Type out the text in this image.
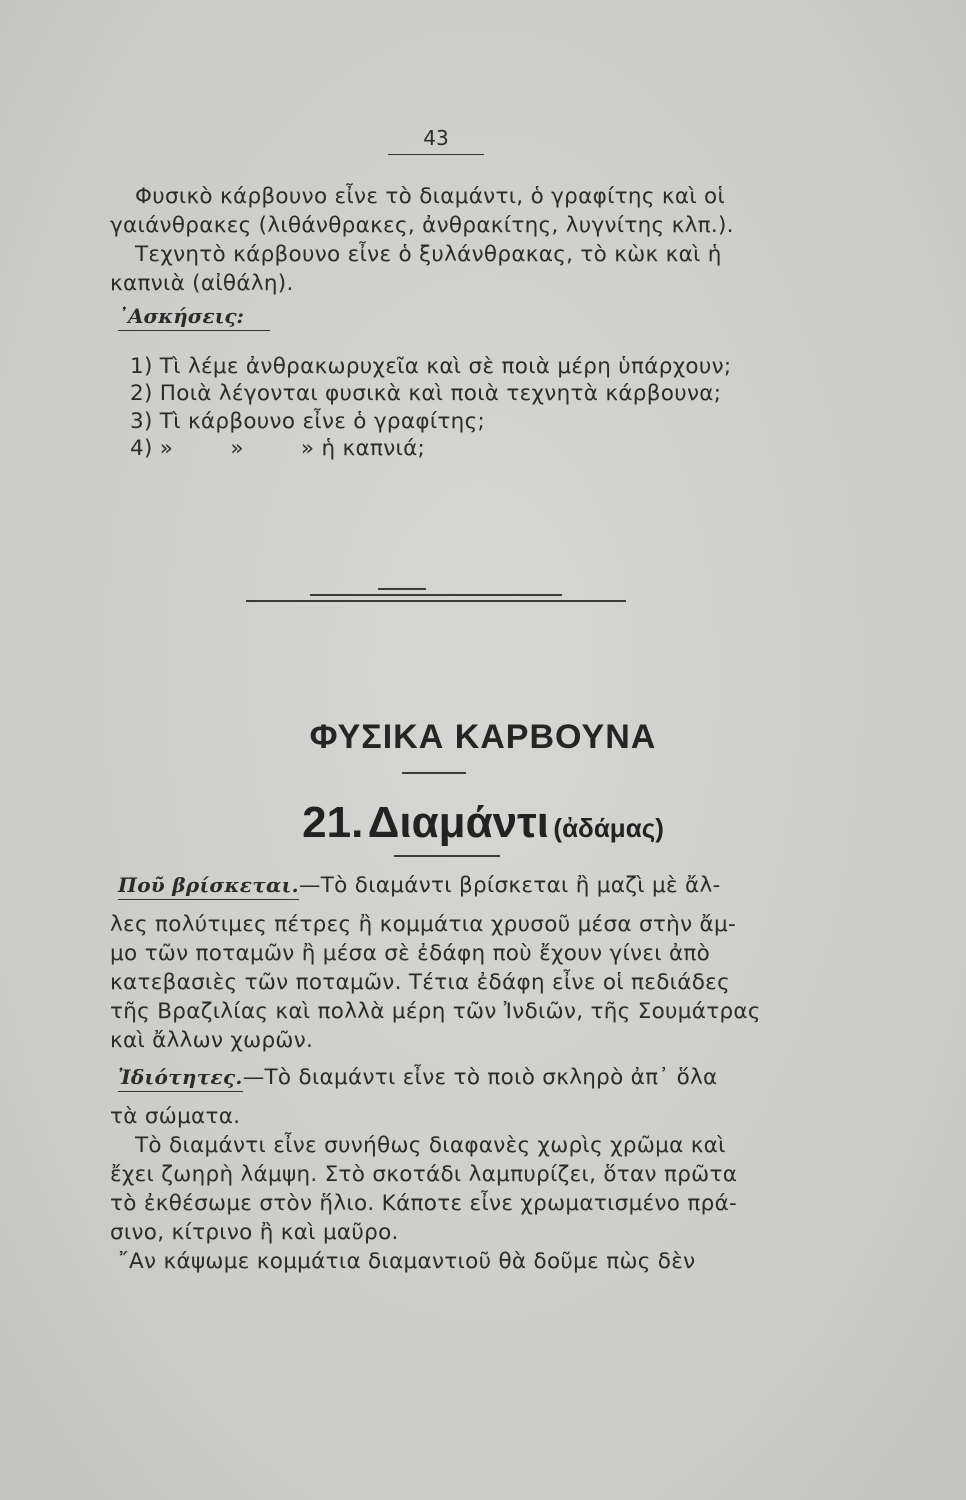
43
Φυσικὸ κάρβουνο εἶνε τὸ διαμάντι, ὁ γραφίτης καὶ οἱ
γαιάνθρακες (λιθάνθρακες, ἀνθρακίτης, λυγνίτης κλπ.).
Τεχνητὸ κάρβουνο εἶνε ὁ ξυλάνθρακας, τὸ κὼκ καὶ ἡ
καπνιὰ (αἰθάλη).
᾽Ασκήσεις:
1) Τὶ λέμε ἀνθρακωρυχεῖα καὶ σὲ ποιὰ μέρη ὑπάρχουν;
2) Ποιὰ λέγονται φυσικὰ καὶ ποιὰ τεχνητὰ κάρβουνα;
3) Τὶ κάρβουνο εἶνε ὁ γραφίτης;
4) »        »        » ἡ καπνιά;
ΦΥΣΙΚΑ ΚΑΡΒΟΥΝΑ
21. Διαμάντι (ἀδάμας)
Ποῦ βρίσκεται.—Τὸ διαμάντι βρίσκεται ἢ μαζὶ μὲ ἄλ-
λες πολύτιμες πέτρες ἢ κομμάτια χρυσοῦ μέσα στὴν ἄμ-
μο τῶν ποταμῶν ἢ μέσα σὲ ἐδάφη ποὺ ἔχουν γίνει ἀπὸ
κατεβασιὲς τῶν ποταμῶν. Τέτια ἐδάφη εἶνε οἱ πεδιάδες
τῆς Βραζιλίας καὶ πολλὰ μέρη τῶν Ἰνδιῶν, τῆς Σουμάτρας
καὶ ἄλλων χωρῶν.
Ἰδιότητες.—Τὸ διαμάντι εἶνε τὸ ποιὸ σκληρὸ ἀπ᾽ ὅλα
τὰ σώματα.
Τὸ διαμάντι εἶνε συνήθως διαφανὲς χωρὶς χρῶμα καὶ
ἔχει ζωηρὴ λάμψη. Στὸ σκοτάδι λαμπυρίζει, ὅταν πρῶτα
τὸ ἐκθέσωμε στὸν ἥλιο. Κάποτε εἶνε χρωματισμένο πρά-
σινο, κίτρινο ἢ καὶ μαῦρο.
῎Αν κάψωμε κομμάτια διαμαντιοῦ θὰ δοῦμε πὼς δὲν
